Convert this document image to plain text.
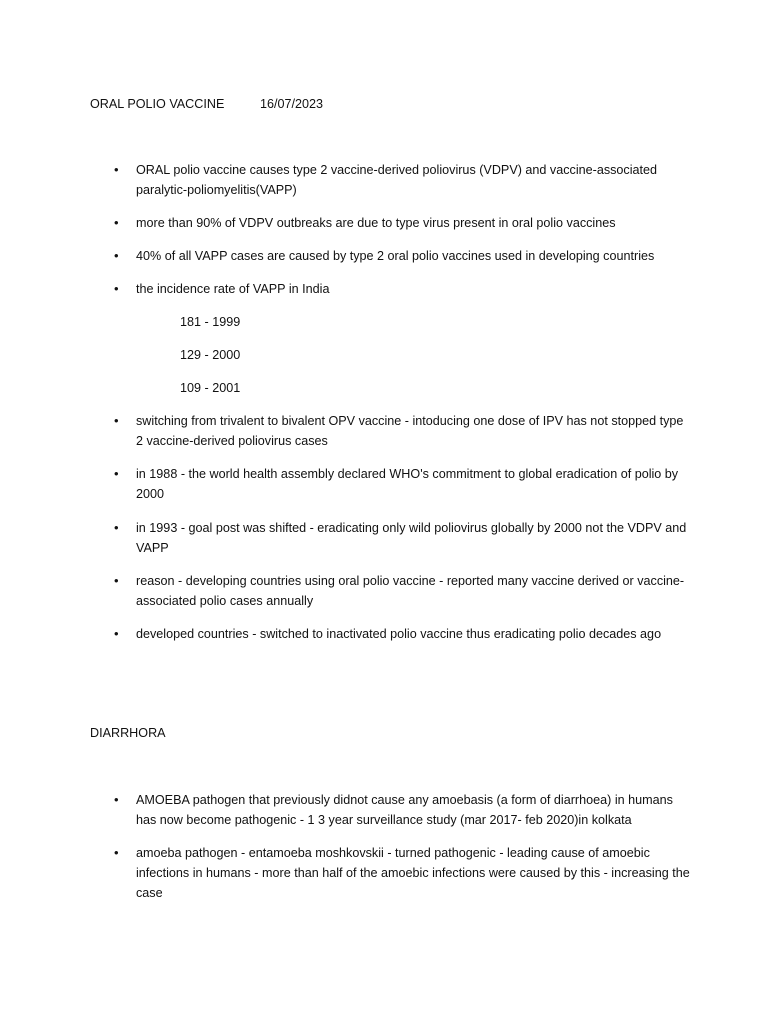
ORAL POLIO VACCINE	16/07/2023
• ORAL polio vaccine causes type 2 vaccine-derived poliovirus (VDPV) and vaccine-associated paralytic-poliomyelitis(VAPP)
• more than 90% of VDPV outbreaks are due to type virus present in oral polio vaccines
• 40% of all VAPP cases are caused by type 2 oral polio vaccines used in developing countries
• the incidence rate of VAPP in India
181 - 1999
129 - 2000
109 - 2001
• switching from trivalent to bivalent OPV vaccine - intoducing one dose of IPV has not stopped type 2 vaccine-derived poliovirus cases
• in 1988 - the world health assembly declared WHO's commitment to global eradication of polio by 2000
• in 1993 - goal post was shifted - eradicating only wild poliovirus globally by 2000 not the VDPV and VAPP
• reason - developing countries using oral polio vaccine - reported many vaccine derived or vaccine-associated polio cases annually
• developed countries - switched to inactivated polio vaccine thus eradicating polio decades ago
DIARRHORA
• AMOEBA pathogen that previously didnot cause any amoebasis (a form of diarrhoea) in humans has now become pathogenic - 1 3 year surveillance study (mar 2017- feb 2020)in kolkata
• amoeba pathogen - entamoeba moshkovskii - turned pathogenic - leading cause of amoebic infections in humans - more than half of the amoebic infections were caused by this - increasing the case
